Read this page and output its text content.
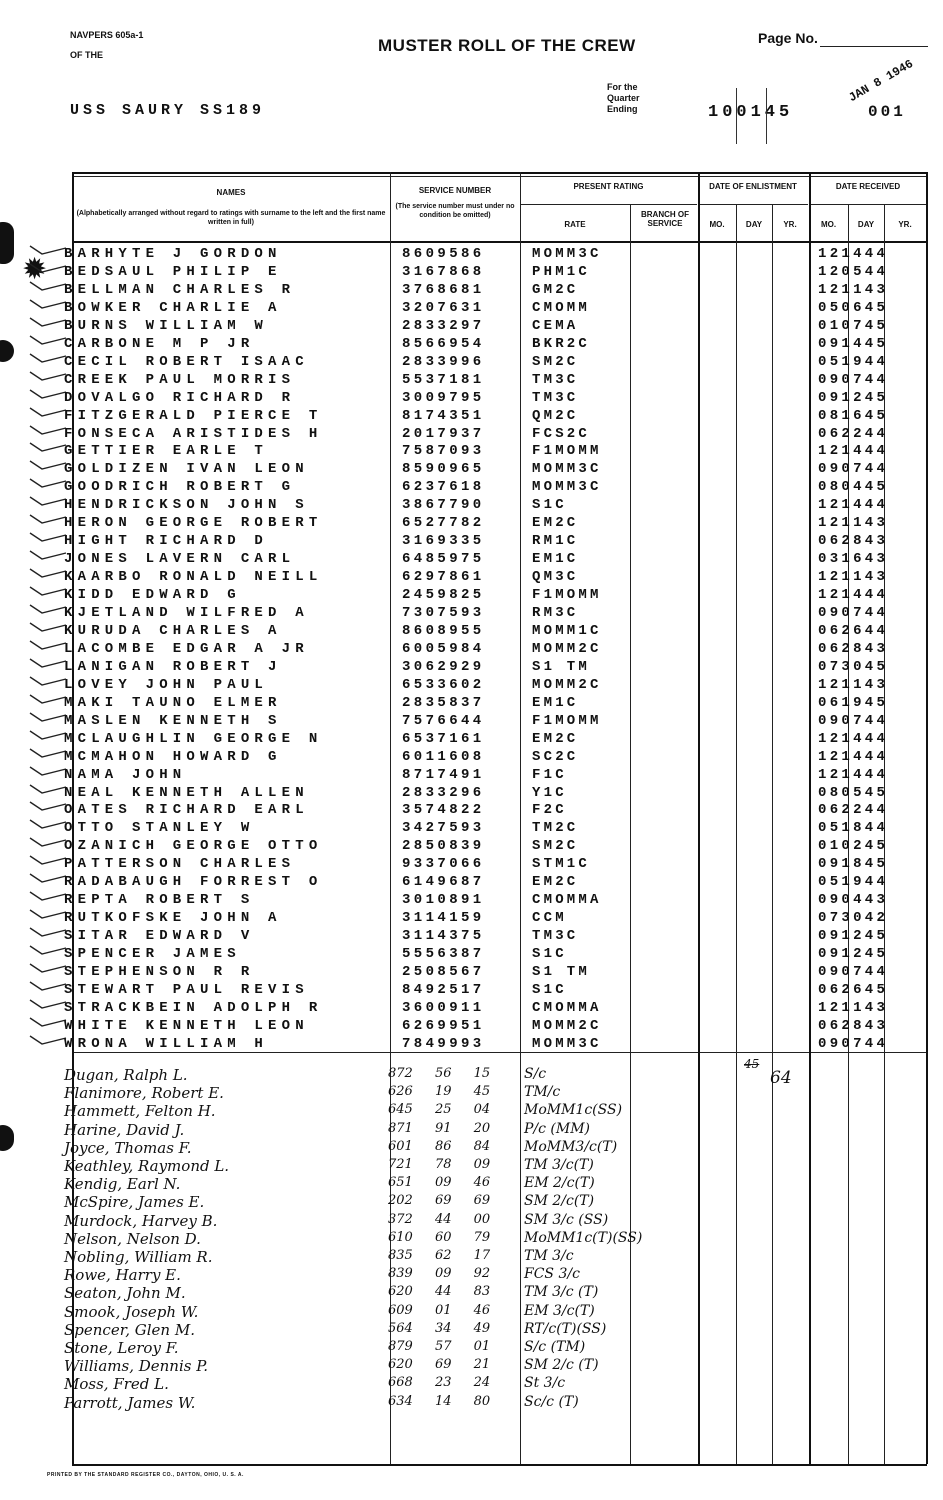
✹
NAVPERS 605a-1
OF THE	MUSTER ROLL OF THE CREW	Page No.
USS SAURY SS189
For the
Quarter
Ending	100145
JAN 8 1946
001
NAMES
(Alphabetically arranged without regard to ratings with surname to the left and the first name written in full)
SERVICE NUMBER
(The service number must under no condition be omitted)
PRESENT RATING
RATE
BRANCH OF SERVICE
DATE OF ENLISTMENT
MO.	DAY	YR.
DATE RECEIVED
MO.	DAY	YR.
BARHYTE J GORDON	8609586	MOMM3C	121444
BEDSAUL PHILIP E	3167868	PHM1C	120544
BELLMAN CHARLES R	3768681	GM2C	121143
BOWKER CHARLIE A	3207631	CMOMM	050645
BURNS WILLIAM W	2833297	CEMA	010745
CARBONE M P JR	8566954	BKR2C	091445
CECIL ROBERT ISAAC	2833996	SM2C	051944
CREEK PAUL MORRIS	5537181	TM3C	090744
DOVALGO RICHARD R	3009795	TM3C	091245
FITZGERALD PIERCE T	8174351	QM2C	081645
FONSECA ARISTIDES H	2017937	FCS2C	062244
GETTIER EARLE T	7587093	F1MOMM	121444
GOLDIZEN IVAN LEON	8590965	MOMM3C	090744
GOODRICH ROBERT G	6237618	MOMM3C	080445
HENDRICKSON JOHN S	3867790	S1C	121444
HERON GEORGE ROBERT	6527782	EM2C	121143
HIGHT RICHARD D	3169335	RM1C	062843
JONES LAVERN CARL	6485975	EM1C	031643
KAARBO RONALD NEILL	6297861	QM3C	121143
KIDD EDWARD G	2459825	F1MOMM	121444
KJETLAND WILFRED A	7307593	RM3C	090744
KURUDA CHARLES A	8608955	MOMM1C	062644
LACOMBE EDGAR A JR	6005984	MOMM2C	062843
LANIGAN ROBERT J	3062929	S1 TM	073045
LOVEY JOHN PAUL	6533602	MOMM2C	121143
MAKI TAUNO ELMER	2835837	EM1C	061945
MASLEN KENNETH S	7576644	F1MOMM	090744
MCLAUGHLIN GEORGE N	6537161	EM2C	121444
MCMAHON HOWARD G	6011608	SC2C	121444
NAMA JOHN	8717491	F1C	121444
NEAL KENNETH ALLEN	2833296	Y1C	080545
OATES RICHARD EARL	3574822	F2C	062244
OTTO STANLEY W	3427593	TM2C	051844
OZANICH GEORGE OTTO	2850839	SM2C	010245
PATTERSON CHARLES	9337066	STM1C	091845
RADABAUGH FORREST O	6149687	EM2C	051944
REPTA ROBERT S	3010891	CMOMMA	090443
RUTKOFSKE JOHN A	3114159	CCM	073042
SITAR EDWARD V	3114375	TM3C	091245
SPENCER JAMES	5556387	S1C	091245
STEPHENSON R R	2508567	S1 TM	090744
STEWART PAUL REVIS	8492517	S1C	062645
STRACKBEIN ADOLPH R	3600911	CMOMMA	121143
WHITE KENNETH LEON	6269951	MOMM2C	062843
WRONA WILLIAM H	7849993	MOMM3C	090744
Dugan, Ralph L.	872 56 15 S/c
Flanimore, Robert E.	626 19 45 TM/c
Hammett, Felton H.	645 25 04 MoMM1c(SS)
Harine, David J.	871 91 20 P/c (MM)
Joyce, Thomas F.	601 86 84 MoMM3/c(T)
Keathley, Raymond L.	721 78 09 TM 3/c(T)
Kendig, Earl N.	651 09 46 EM 2/c(T)
McSpire, James E.	202 69 69 SM 2/c(T)
Murdock, Harvey B.	372 44 00 SM 3/c (SS)
Nelson, Nelson D.	610 60 79 MoMM1c(T)(SS)
Nobling, William R.	835 62 17 TM 3/c
Rowe, Harry E.	839 09 92 FCS 3/c
Seaton, John M.	620 44 83 TM 3/c (T)
Smook, Joseph W.	609 01 46 EM 3/c(T)
Spencer, Glen M.	564 34 49 RT/c(T)(SS)
Stone, Leroy F.	879 57 01 S/c (TM)
Williams, Dennis P.	620 69 21 SM 2/c (T)
Moss, Fred L.	668 23 24 St 3/c
Parrott, James W.	634 14 80 Sc/c (T)
45
64
PRINTED BY THE STANDARD REGISTER CO., DAYTON, OHIO, U. S. A.
